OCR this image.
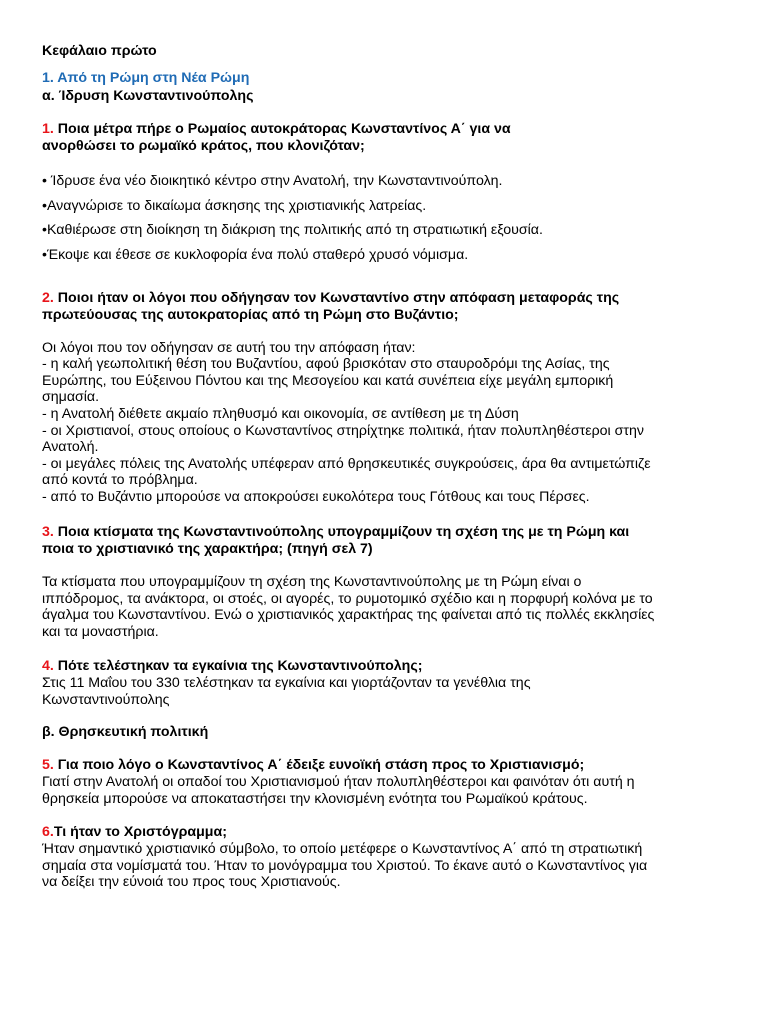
Κεφάλαιο πρώτο
1. Από τη Ρώμη στη Νέα Ρώμη
α. Ίδρυση Κωνσταντινούπολης
1. Ποια μέτρα πήρε ο Ρωμαίος αυτοκράτορας Κωνσταντίνος Α΄ για να
ανορθώσει το ρωμαϊκό κράτος, που κλονιζόταν;
• Ίδρυσε ένα νέο διοικητικό κέντρο στην Ανατολή, την Κωνσταντινούπολη.
•Αναγνώρισε το δικαίωμα άσκησης της χριστιανικής λατρείας.
•Καθιέρωσε στη διοίκηση τη διάκριση της πολιτικής από τη στρατιωτική εξουσία.
•Έκοψε και έθεσε σε κυκλοφορία ένα πολύ σταθερό χρυσό νόμισμα.
2. Ποιοι ήταν οι λόγοι που οδήγησαν τον Κωνσταντίνο στην απόφαση μεταφοράς της
πρωτεύουσας της αυτοκρατορίας από τη Ρώμη στο Βυζάντιο;
Οι λόγοι που τον οδήγησαν σε αυτή του την απόφαση ήταν:
- η καλή γεωπολιτική θέση του Βυζαντίου, αφού βρισκόταν στο σταυροδρόμι της Ασίας, της
Ευρώπης, του Εύξεινου Πόντου και της Μεσογείου και κατά συνέπεια είχε μεγάλη εμπορική
σημασία.
- η Ανατολή διέθετε ακμαίο πληθυσμό και οικονομία, σε αντίθεση με τη Δύση
- οι Χριστιανοί, στους οποίους ο Κωνσταντίνος στηρίχτηκε πολιτικά, ήταν πολυπληθέστεροι στην
Ανατολή.
- οι μεγάλες πόλεις της Ανατολής υπέφεραν από θρησκευτικές συγκρούσεις, άρα θα αντιμετώπιζε
από κοντά το πρόβλημα.
- από το Βυζάντιο μπορούσε να αποκρούσει ευκολότερα τους Γότθους και τους Πέρσες.
3. Ποια κτίσματα της Κωνσταντινούπολης υπογραμμίζουν τη σχέση της με τη Ρώμη και
ποια το χριστιανικό της χαρακτήρα; (πηγή σελ 7)
Τα κτίσματα που υπογραμμίζουν τη σχέση της Κωνσταντινούπολης με τη Ρώμη είναι ο
ιππόδρομος, τα ανάκτορα, οι στοές, οι αγορές, το ρυμοτομικό σχέδιο και η πορφυρή κολόνα με το
άγαλμα του Κωνσταντίνου. Ενώ ο χριστιανικός χαρακτήρας της φαίνεται από τις πολλές εκκλησίες
και τα μοναστήρια.
4. Πότε τελέστηκαν τα εγκαίνια της Κωνσταντινούπολης;
Στις 11 Μαΐου του 330 τελέστηκαν τα εγκαίνια και γιορτάζονταν τα γενέθλια της
Κωνσταντινούπολης
β. Θρησκευτική πολιτική
5. Για ποιο λόγο ο Κωνσταντίνος Α΄ έδειξε ευνοϊκή στάση προς το Χριστιανισμό;
Γιατί στην Ανατολή οι οπαδοί του Χριστιανισμού ήταν πολυπληθέστεροι και φαινόταν ότι αυτή η
θρησκεία μπορούσε να αποκαταστήσει την κλονισμένη ενότητα του Ρωμαϊκού κράτους.
6.Τι ήταν το Χριστόγραμμα;
Ήταν σημαντικό χριστιανικό σύμβολο, το οποίο μετέφερε ο Κωνσταντίνος Α΄ από τη στρατιωτική
σημαία στα νομίσματά του. Ήταν το μονόγραμμα του Χριστού. Το έκανε αυτό ο Κωνσταντίνος για
να δείξει την εύνοιά του προς τους Χριστιανούς.
